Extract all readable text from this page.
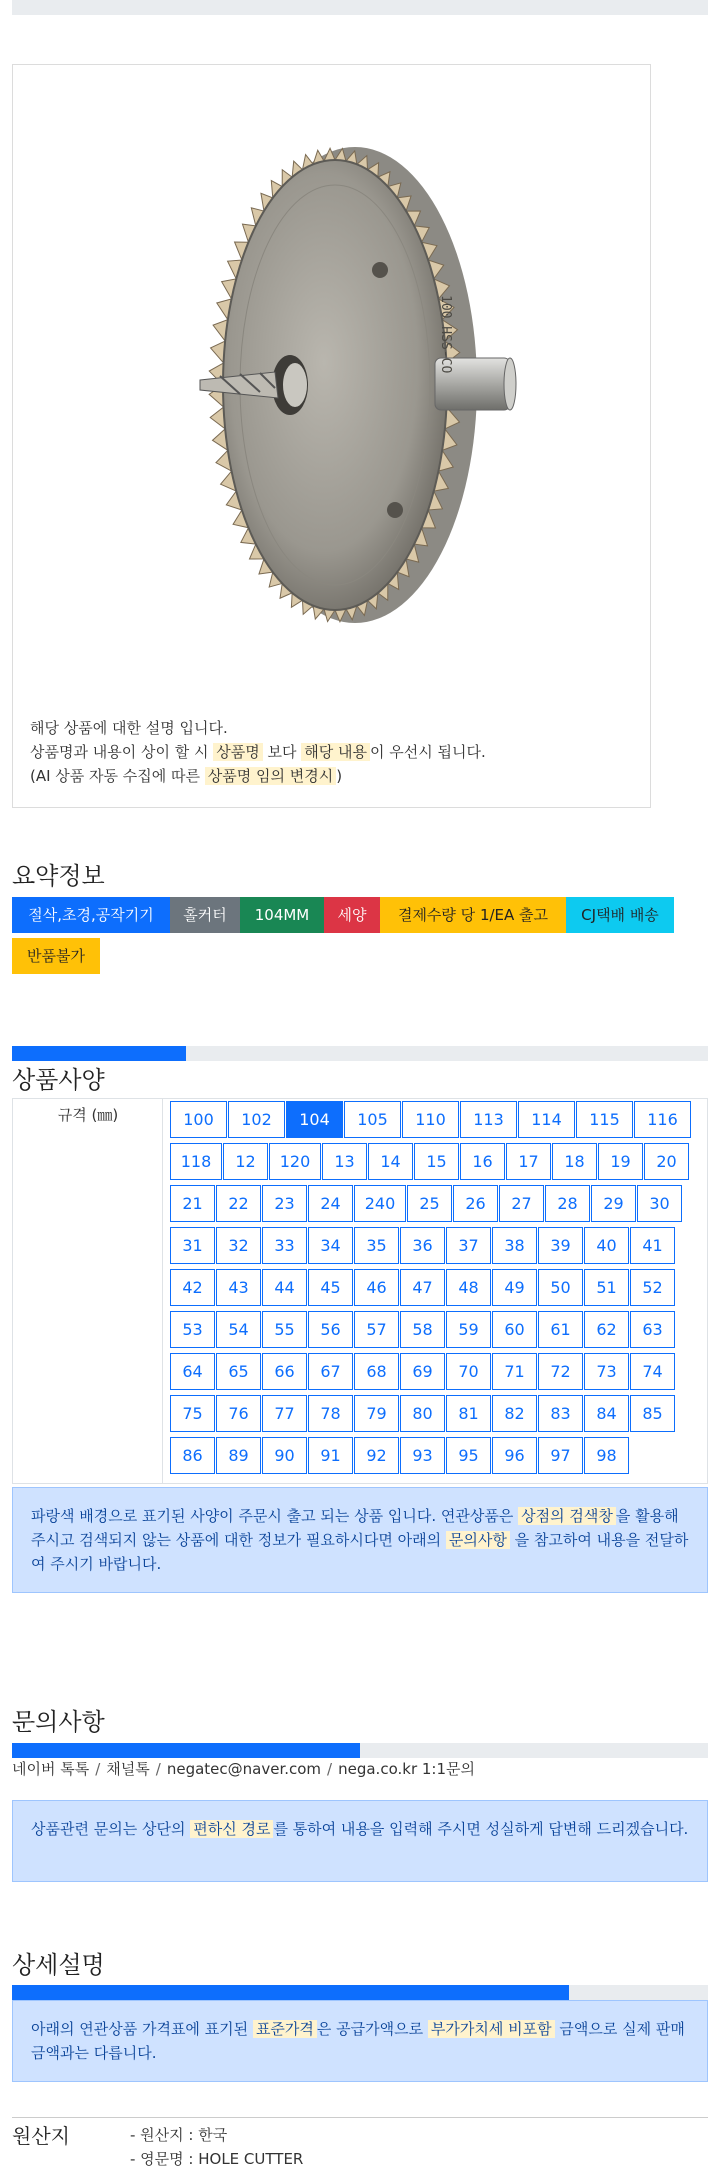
100 HSS-CO
해당 상품에 대한 설명 입니다.
상품명과 내용이 상이 할 시 상품명 보다 해당 내용 이 우선시 됩니다.
(AI 상품 자동 수집에 따른 상품명 임의 변경시 )
요약정보
절삭,초경,공작기기	홀커터	104MM	세양	결제수량 당 1/EA 출고	CJ택배 배송
반품불가
상품사양
규격 (㎜)	100	102	104	105	110	113	114	115	116
118	12	120	13	14	15	16	17	18	19	20
21	22	23	24	240	25	26	27	28	29	30
31	32	33	34	35	36	37	38	39	40	41
42	43	44	45	46	47	48	49	50	51	52
53	54	55	56	57	58	59	60	61	62	63
64	65	66	67	68	69	70	71	72	73	74
75	76	77	78	79	80	81	82	83	84	85
86	89	90	91	92	93	95	96	97	98
파랑색 배경으로 표기된 사양이 주문시 출고 되는 상품 입니다. 연관상품은 상점의 검색창 을 활용해 주시고 검색되지 않는 상품에 대한 정보가 필요하시다면 아래의 문의사항 을 참고하여 내용을 전달하여 주시기 바랍니다.
문의사항
네이버 톡톡 / 채널톡 / negatec@naver.com / nega.co.kr 1:1문의
상품관련 문의는 상단의 편하신 경로 를 통하여 내용을 입력해 주시면 성실하게 답변해 드리겠습니다.
상세설명
아래의 연관상품 가격표에 표기된 표준가격 은 공급가액으로 부가가치세 비포함 금액으로 실제 판매금액과는 다릅니다.
원산지	- 원산지 : 한국
- 영문명 : HOLE CUTTER
